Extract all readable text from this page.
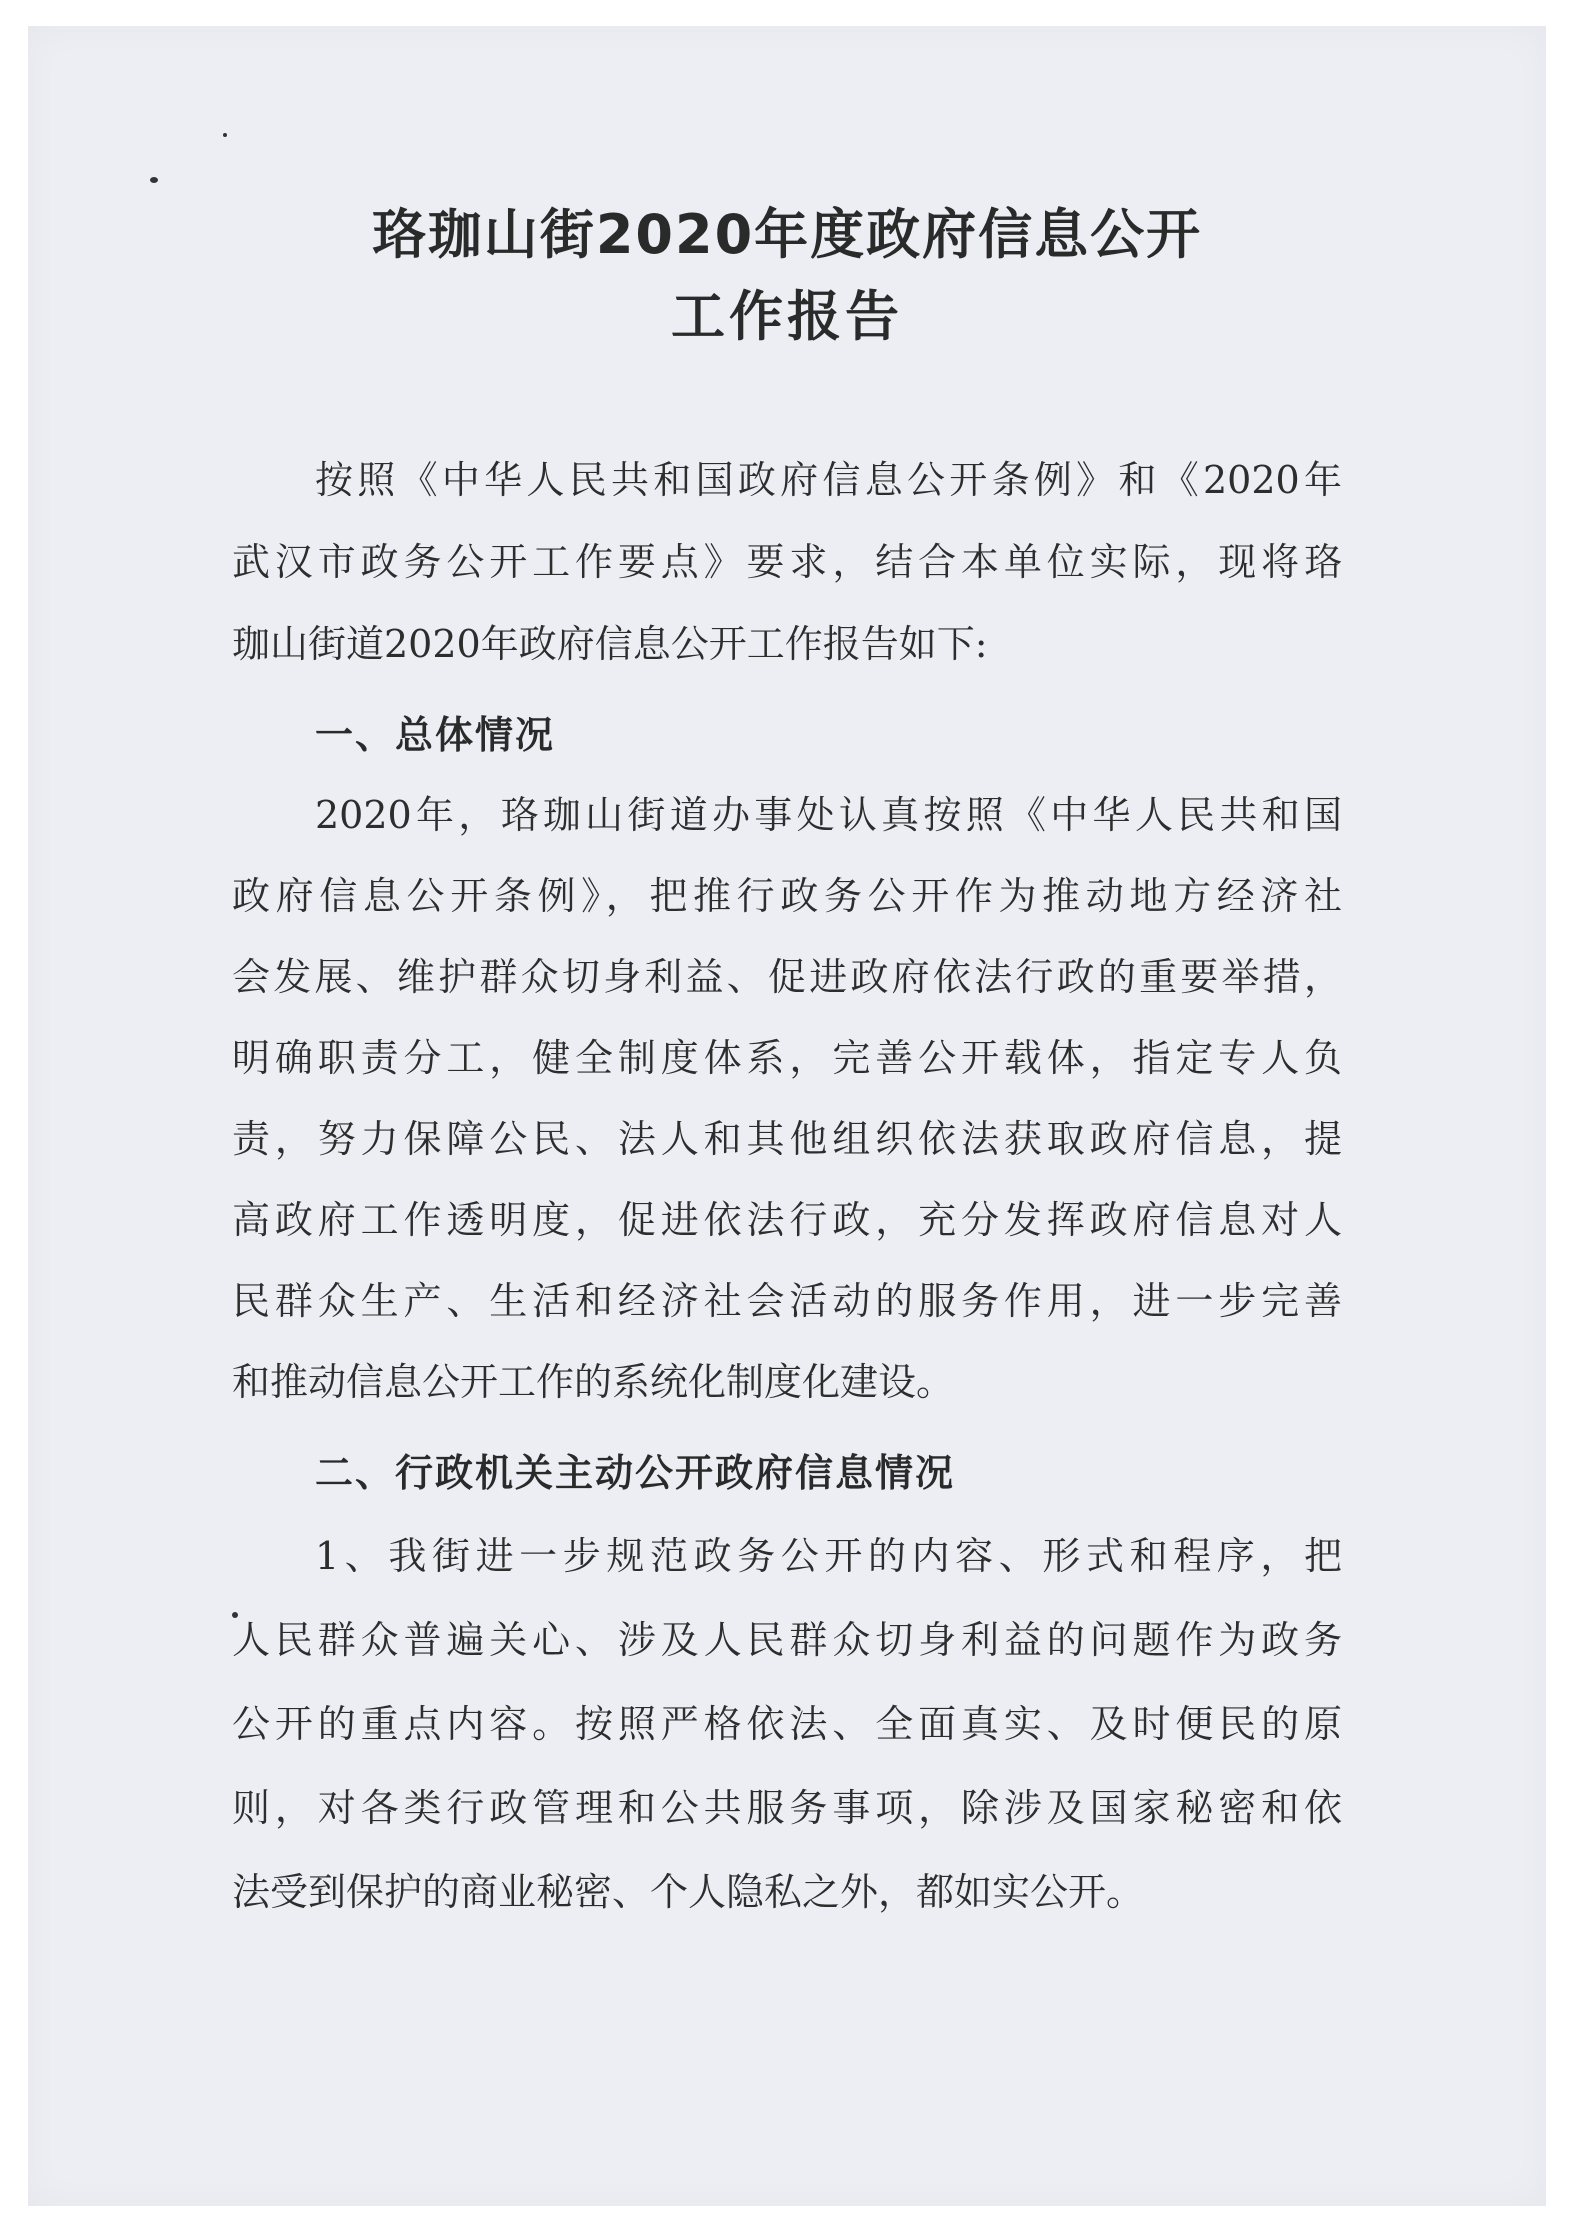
珞珈山街2020年度政府信息公开
工作报告
按照《中华人民共和国政府信息公开条例》和《2020年
武汉市政务公开工作要点》要求，结合本单位实际，现将珞
珈山街道2020年政府信息公开工作报告如下:
一、总体情况
2020年，珞珈山街道办事处认真按照《中华人民共和国
政府信息公开条例》，把推行政务公开作为推动地方经济社
会发展、维护群众切身利益、促进政府依法行政的重要举措，
明确职责分工，健全制度体系，完善公开载体，指定专人负
责，努力保障公民、法人和其他组织依法获取政府信息，提
高政府工作透明度，促进依法行政，充分发挥政府信息对人
民群众生产、生活和经济社会活动的服务作用，进一步完善
和推动信息公开工作的系统化制度化建设。
二、行政机关主动公开政府信息情况
1、我街进一步规范政务公开的内容、形式和程序，把
人民群众普遍关心、涉及人民群众切身利益的问题作为政务
公开的重点内容。按照严格依法、全面真实、及时便民的原
则，对各类行政管理和公共服务事项，除涉及国家秘密和依
法受到保护的商业秘密、个人隐私之外，都如实公开。
